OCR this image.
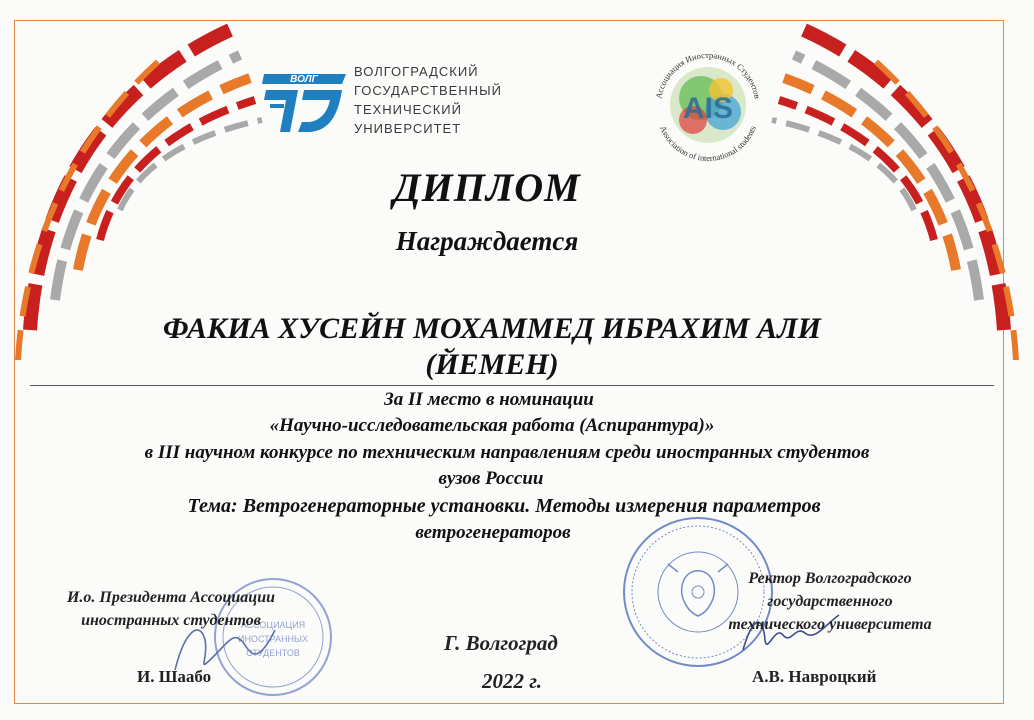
ВОЛГ
ВОЛГОГРАДСКИЙ
ГОСУДАРСТВЕННЫЙ
ТЕХНИЧЕСКИЙ
УНИВЕРСИТЕТ
AIS
Ассоциация Иностранных Студентов
Association of international students
ДИПЛОМ
Награждается
ФАКИА ХУСЕЙН МОХАММЕД ИБРАХИМ АЛИ
(ЙЕМЕН)
За II место в номинации
«Научно-исследовательская работа (Аспирантура)»
в III научном конкурсе по техническим направлениям среди иностранных студентов
вузов России
Тема: Ветрогенераторные установки. Методы измерения параметров
ветрогенераторов
АССОЦИАЦИЯ
ИНОСТРАННЫХ
СТУДЕНТОВ
И.о. Президента Ассоциации
иностранных студентов
Ректор Волгоградского
государственного
технического университета
И. Шаабо	А.В. Навроцкий
Г. Волгоград
2022 г.
